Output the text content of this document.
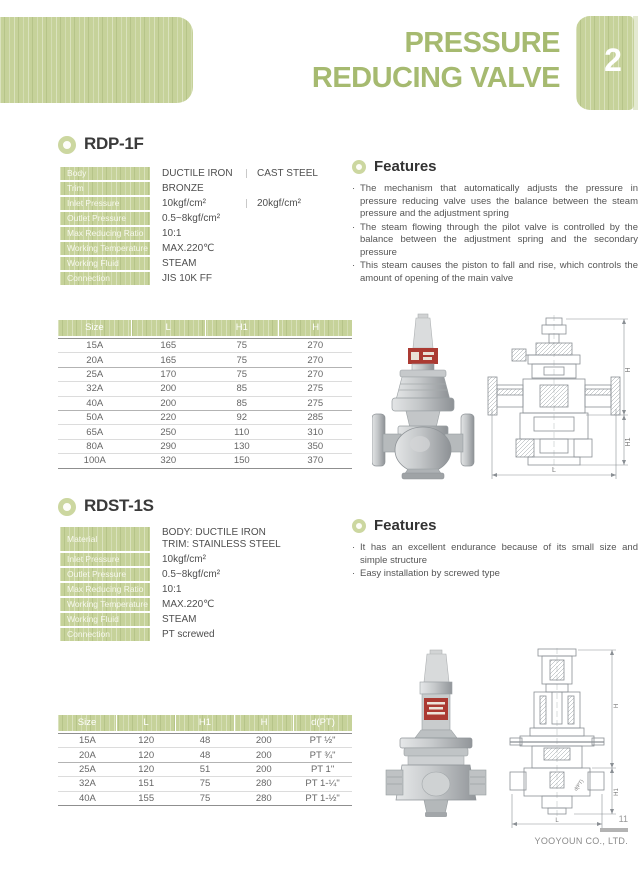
PRESSURE
REDUCING VALVE	2
RDP-1F
Body	DUCTILE IRON	CAST STEEL
Trim	BRONZE
Inlet Pressure	10kgf/cm²	20kgf/cm²
Outlet Pressure	0.5~8kgf/cm²
Max Reducing Ratio	10:1
Working Temperature MAX.220℃
Working Fluid	STEAM
Connection	JIS 10K FF
Features
· The mechanism that automatically adjusts the pressure in pressure reducing valve uses the balance between the steam pressure and the adjustment spring
· The steam flowing through the pilot valve is controlled by the balance between the adjustment spring and the secondary pressure
· This steam causes the piston to fall and rise, which controls the amount of opening of the main valve
Size	L	H1	H
15A	165	75	270
20A	165	75	270
25A	170	75	270
32A	200	85	275
40A	200	85	275
50A	220	92	285
65A	250	110	310
80A	290	130	350
100A	320	150	370
H
H1
L
RDST-1S
Material
BODY: DUCTILE IRON
TRIM: STAINLESS STEEL
Inlet Pressure	10kgf/cm²
Outlet Pressure	0.5~8kgf/cm²
Max Reducing Ratio	10:1
Working Temperature MAX.220℃
Working Fluid	STEAM
Connection	PT screwed
Features
· It has an excellent endurance because of its small size and simple structure
· Easy installation by screwed type
Size	L	H1	H	d(PT)
15A	120	48	200	PT ½"
20A	120	48	200	PT ¾"
25A	120	51	200	PT 1"
32A	151	75	280	PT 1-¼"
40A	155	75	280	PT 1-½"
H
H1
L
d(PT)
11
YOOYOUN CO., LTD.
